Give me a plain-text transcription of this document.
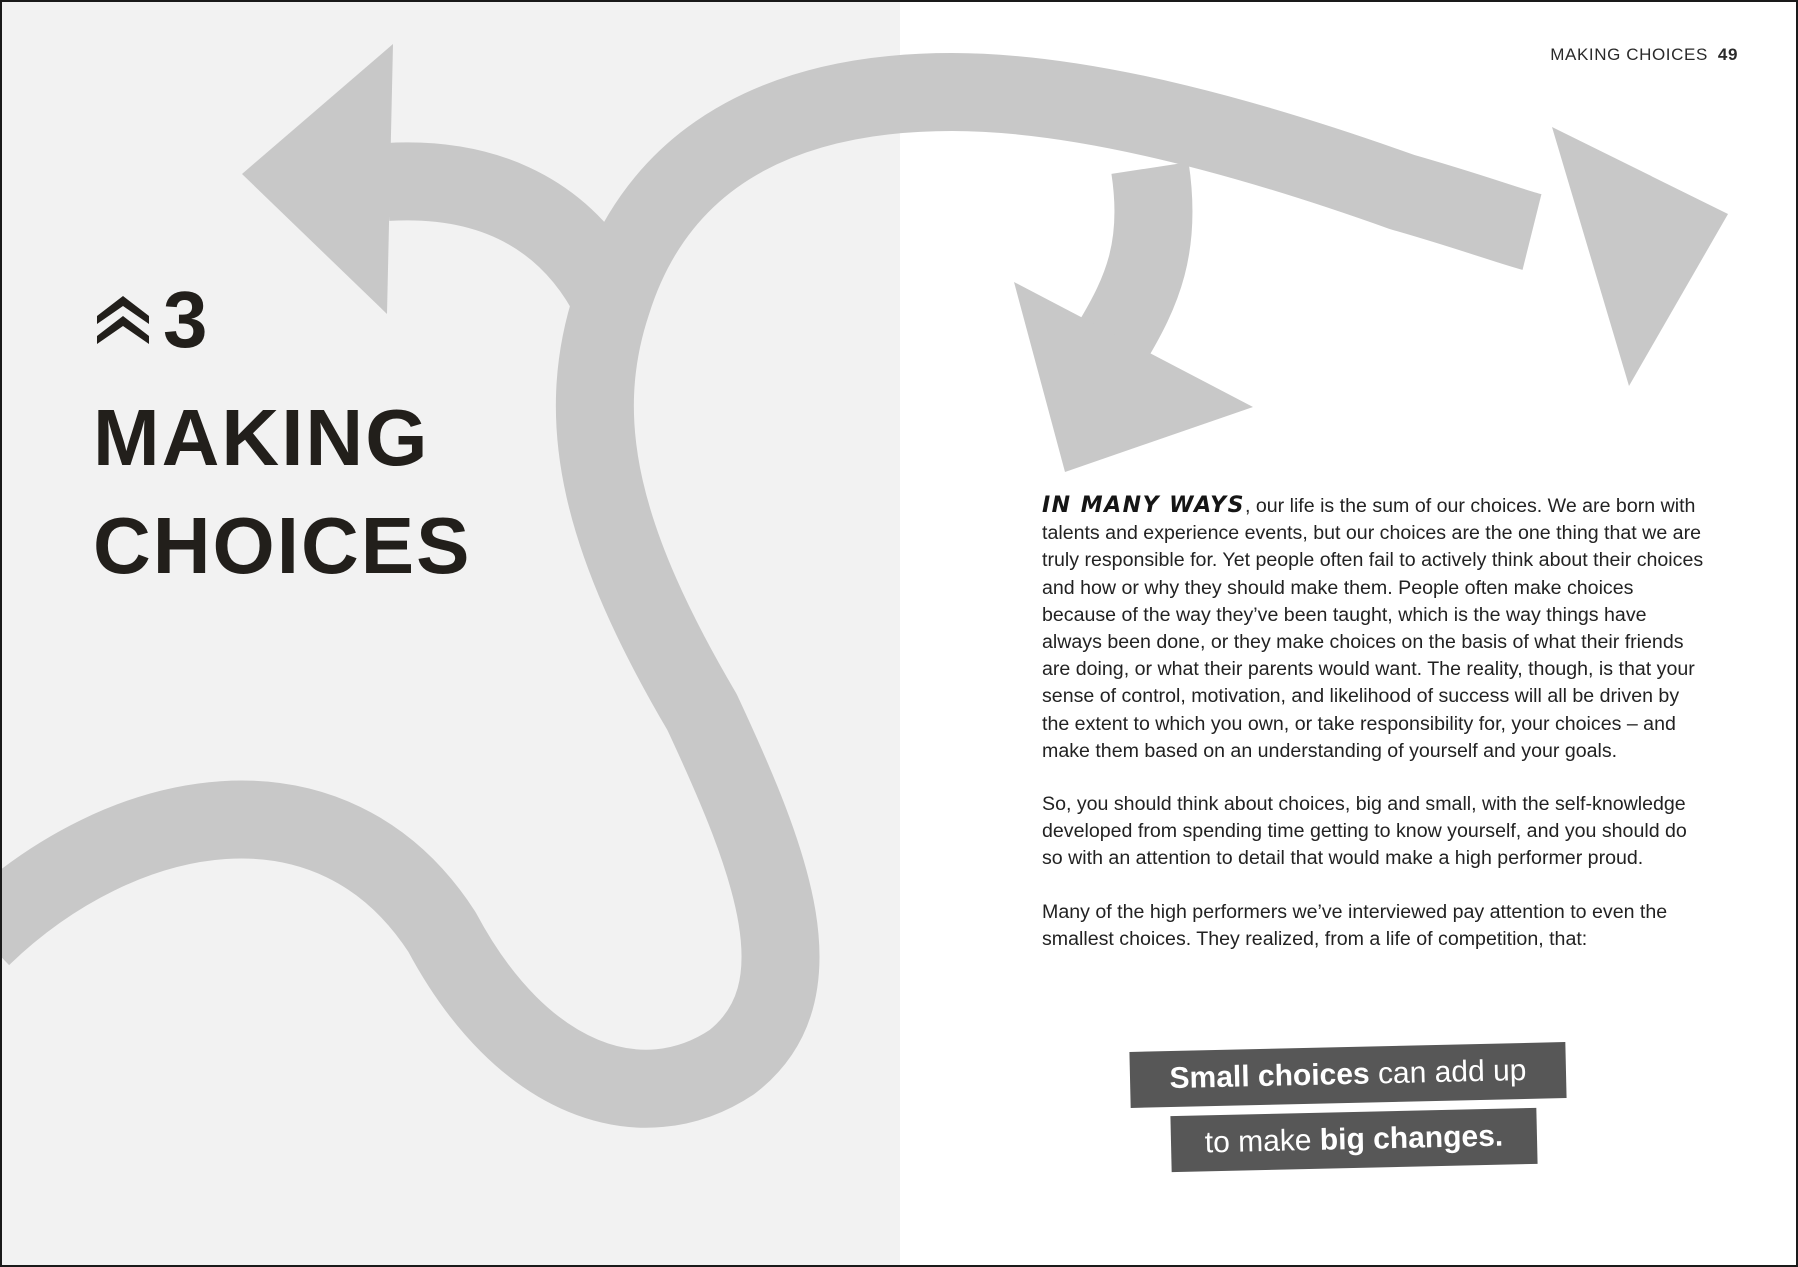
MAKING CHOICES 49
3
MAKING
CHOICES	IN MANY WAYS, our life is the sum of our choices. We are born with talents and experience events, but our choices are the one thing that we are truly responsible for. Yet people often fail to actively think about their choices and how or why they should make them. People often make choices because of the way they’ve been taught, which is the way things have always been done, or they make choices on the basis of what their friends are doing, or what their parents would want. The reality, though, is that your sense of control, motivation, and likelihood of success will all be driven by the extent to which you own, or take responsibility for, your choices – and make them based on an understanding of yourself and your goals.

So, you should think about choices, big and small, with the self-knowledge developed from spending time getting to know yourself, and you should do so with an attention to detail that would make a high performer proud.

Many of the high performers we’ve interviewed pay attention to even the smallest choices. They realized, from a life of competition, that:

Small choices can add up
to make big changes.
